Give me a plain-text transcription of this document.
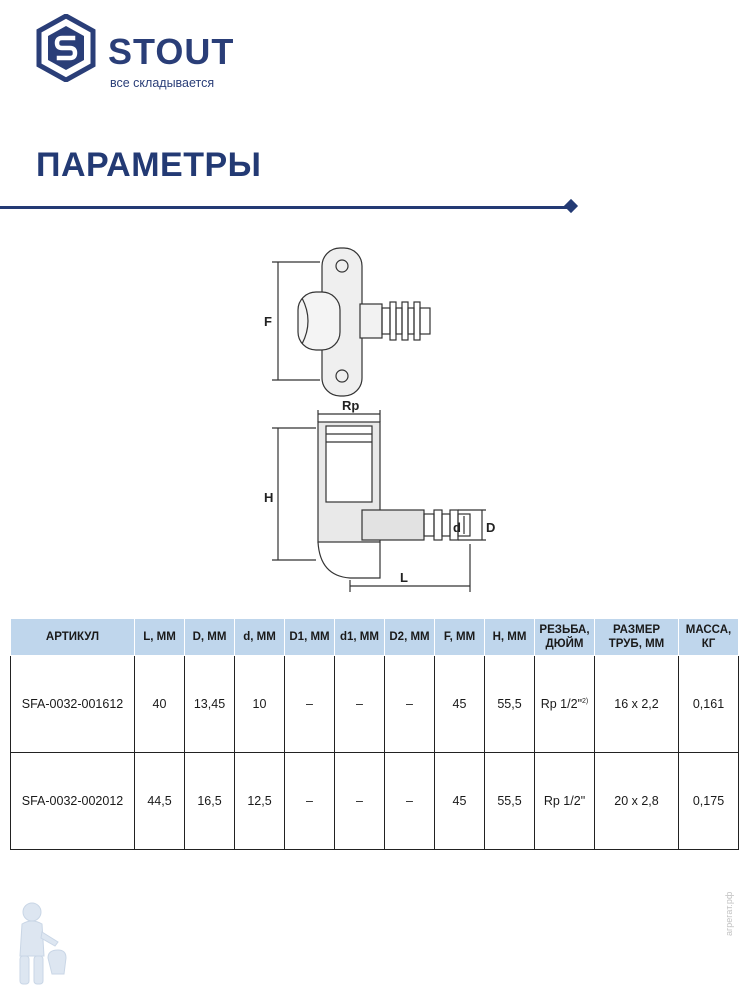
STOUT
все складывается
ПАРАМЕТРЫ
F
Rp
H
d D
L
АРТИКУЛ	L, ММ	D, ММ	d, ММ	D1, ММ	d1, ММ	D2, ММ	F, ММ	H, ММ	РЕЗЬБА, ДЮЙМ	РАЗМЕР ТРУБ, ММ	МАССА, КГ
SFA-0032-001612	40	13,45	10	–	–	–	45	55,5	Rp 1/2"$^{2)}$	16 x 2,2	0,161
SFA-0032-002012	44,5	16,5	12,5	–	–	–	45	55,5	Rp 1/2"	20 x 2,8	0,175
агрегат.рф
